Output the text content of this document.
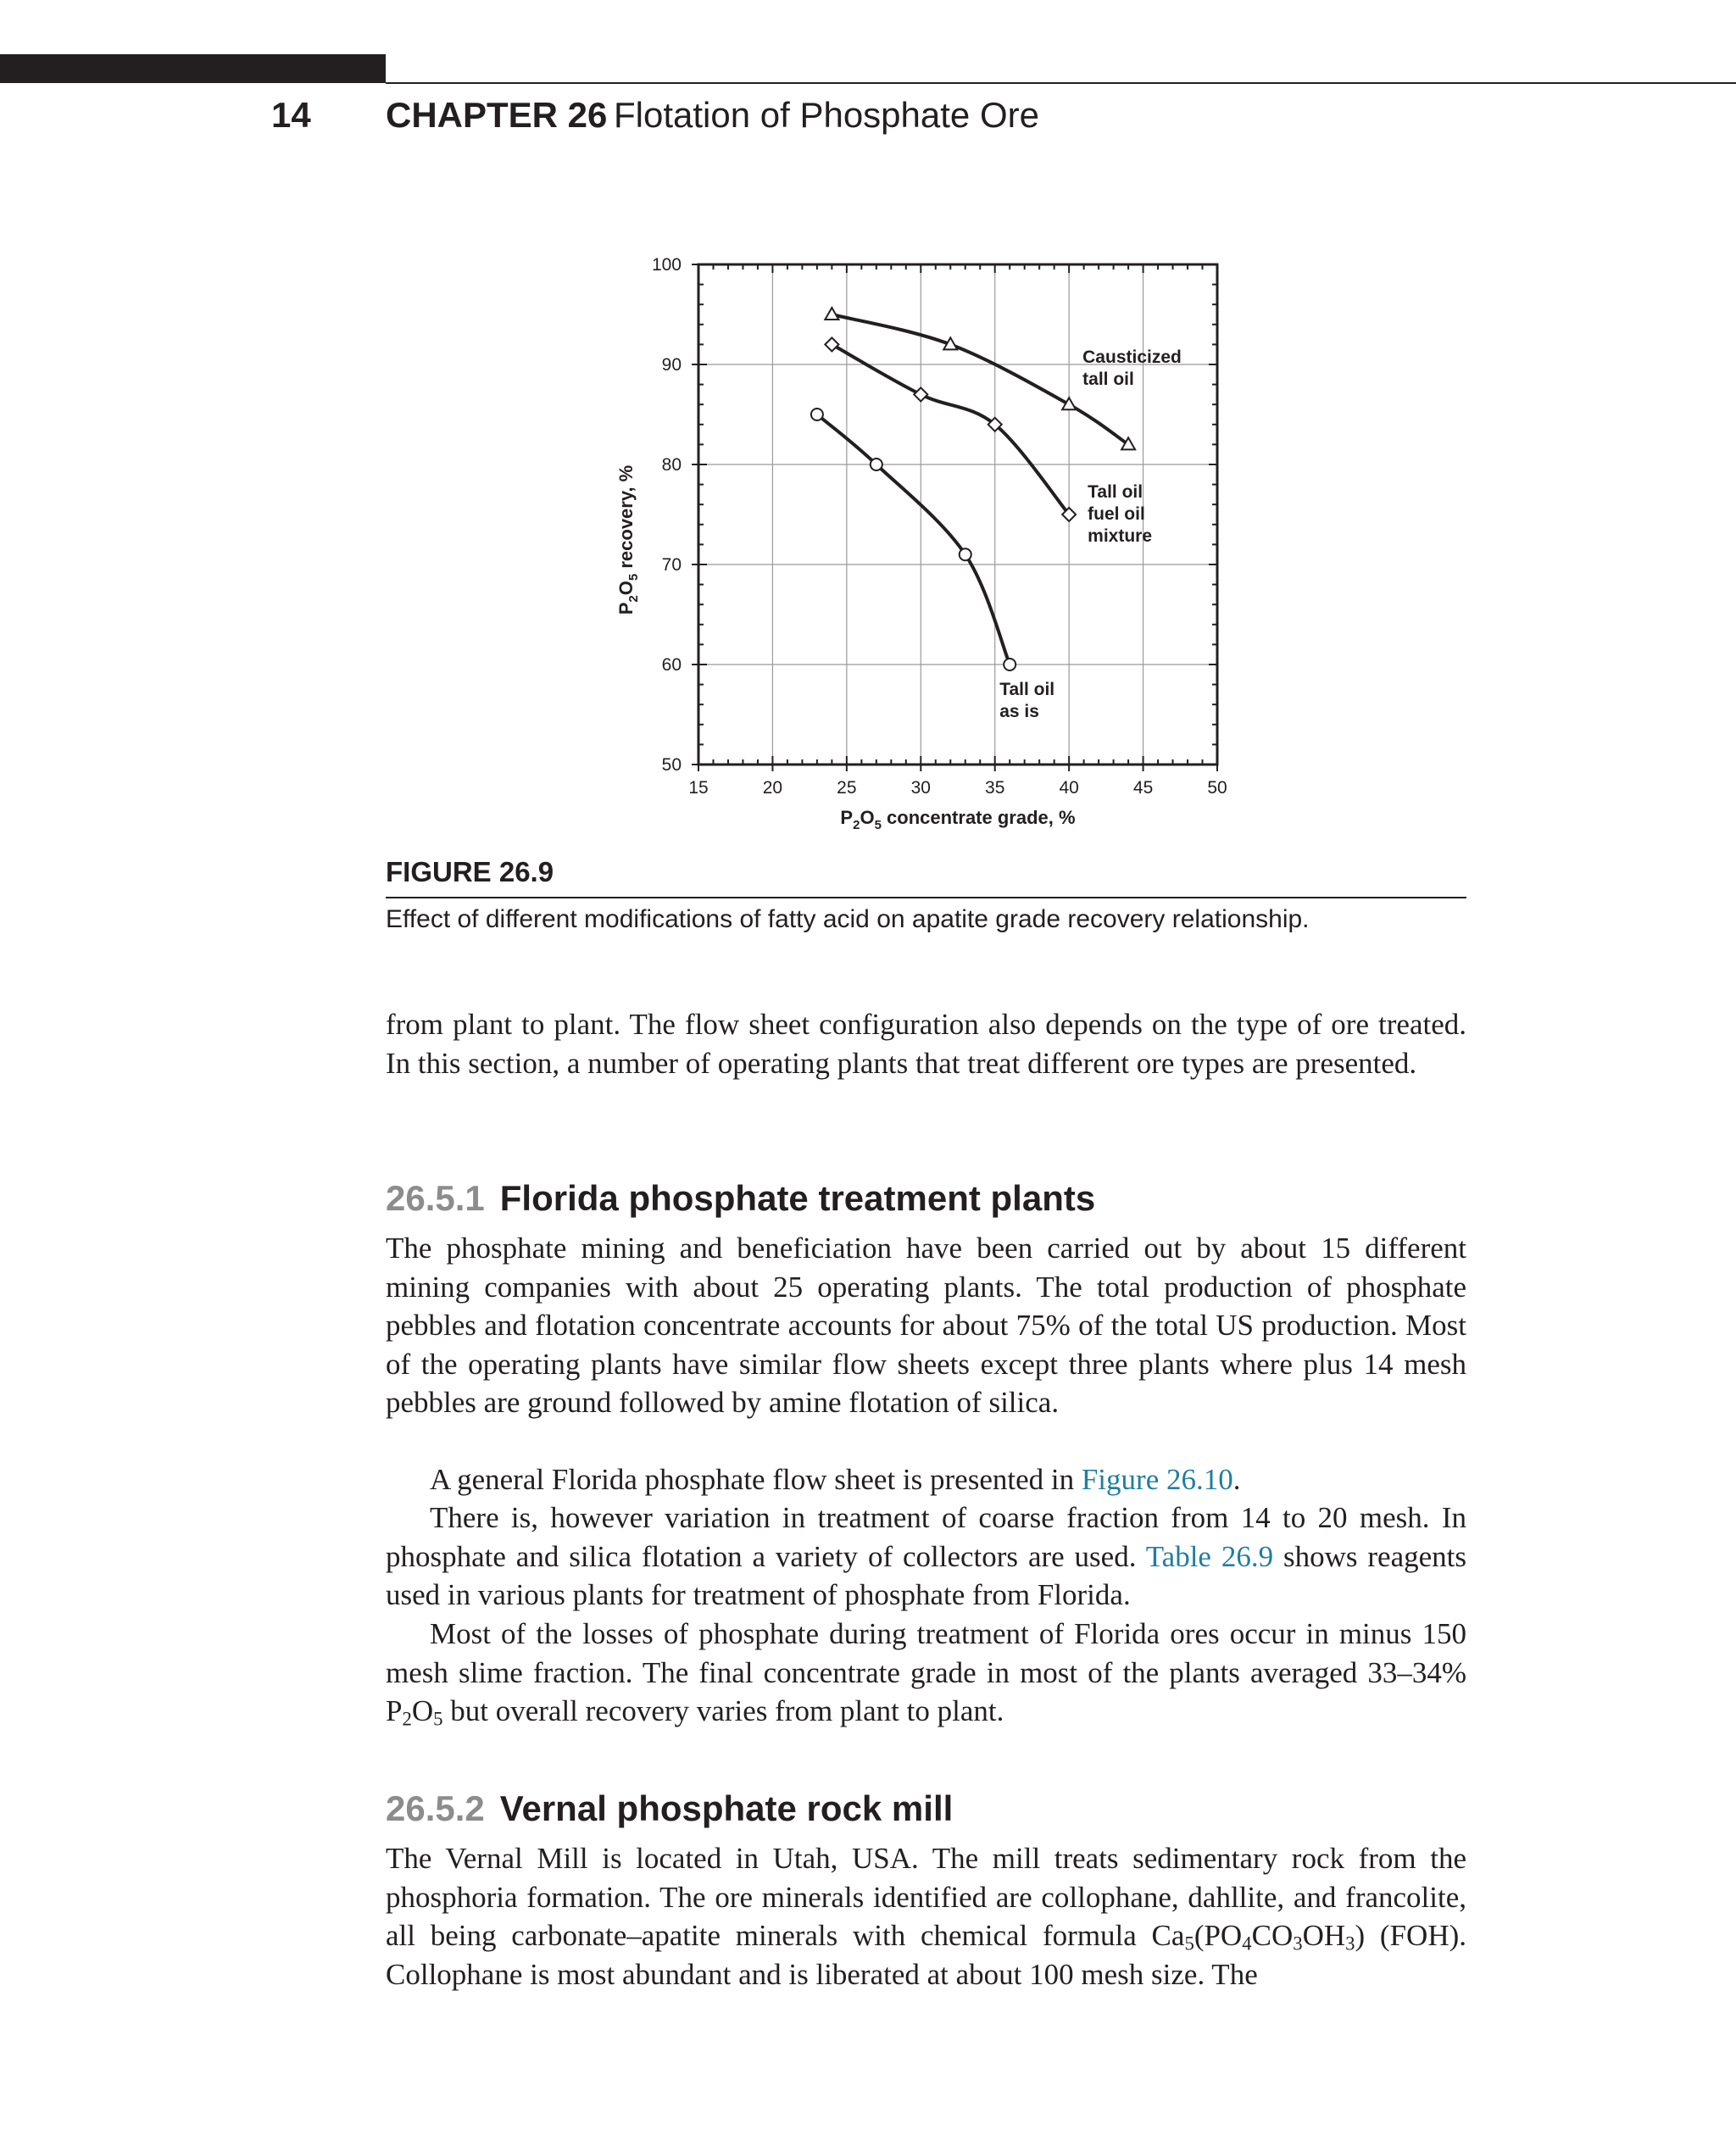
14 CHAPTER 26 Flotation of Phosphate Ore
15	20	25	30	35	40	45	50
50
60
70
80
90
100
Causticized
tall oil
Tall oil
fuel oil
mixture
Tall oil
as is
$P_2O_5$ concentrate grade, %
$P_2O_5$ recovery, %
FIGURE 26.9
Effect of different modifications of fatty acid on apatite grade recovery relationship.

from plant to plant. The flow sheet configuration also depends on the type of ore treated. In this section, a number of operating plants that treat different ore types are presented.

26.5.1 Florida phosphate treatment plants

The phosphate mining and beneficiation have been carried out by about 15 different mining companies with about 25 operating plants. The total production of phosphate pebbles and flotation concentrate accounts for about 75% of the total US production. Most of the operating plants have similar flow sheets except three plants where plus 14 mesh pebbles are ground followed by amine flotation of silica.

A general Florida phosphate flow sheet is presented in Figure 26.10.

There is, however variation in treatment of coarse fraction from 14 to 20 mesh. In phosphate and silica flotation a variety of collectors are used. Table 26.9 shows reagents used in various plants for treatment of phosphate from Florida.

Most of the losses of phosphate during treatment of Florida ores occur in minus 150 mesh slime fraction. The final concentrate grade in most of the plants averaged 33–34% $P_2O_5$ but overall recovery varies from plant to plant.

26.5.2 Vernal phosphate rock mill

The Vernal Mill is located in Utah, USA. The mill treats sedimentary rock from the phosphoria formation. The ore minerals identified are collophane, dahllite, and francolite, all being carbonate–apatite minerals with chemical formula $Ca_5(PO_4CO_3OH_3)$ (FOH). Collophane is most abundant and is liberated at about 100 mesh size. The
